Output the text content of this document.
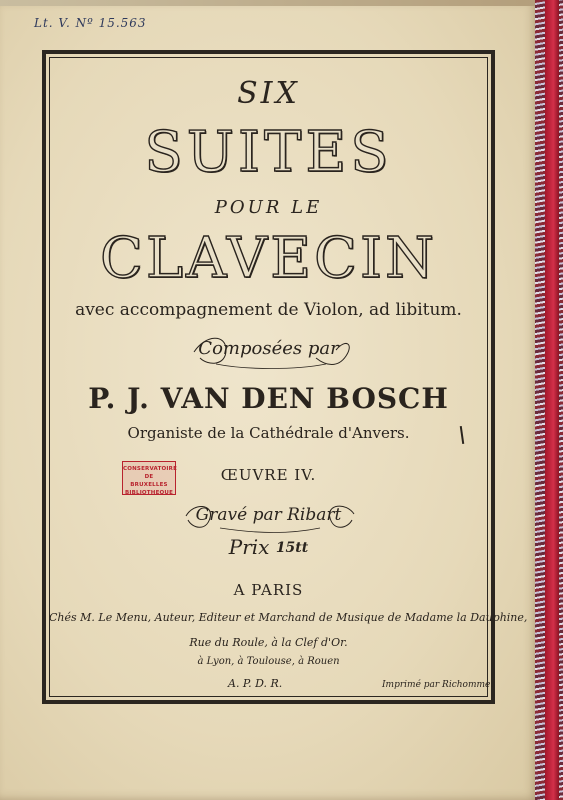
Lt. V. Nº 15.563
SIX
SUITES
POUR LE
CLAVECIN
avec accompagnement de Violon, ad libitum.
Composées par
P. J. VAN DEN BOSCH
Organiste de la Cathédrale d'Anvers.
CONSERVATOIRE DE
BRUXELLES
BIBLIOTHEQUE
ŒUVRE IV.
Gravé par Ribart
Prix 15tt
A PARIS
Chés M. Le Menu, Auteur, Editeur et Marchand de Musique de Madame la Dauphine,
Rue du Roule, à la Clef d'Or.
à Lyon, à Toulouse, à Rouen
A. P. D. R.	Imprimé par Richomme.
